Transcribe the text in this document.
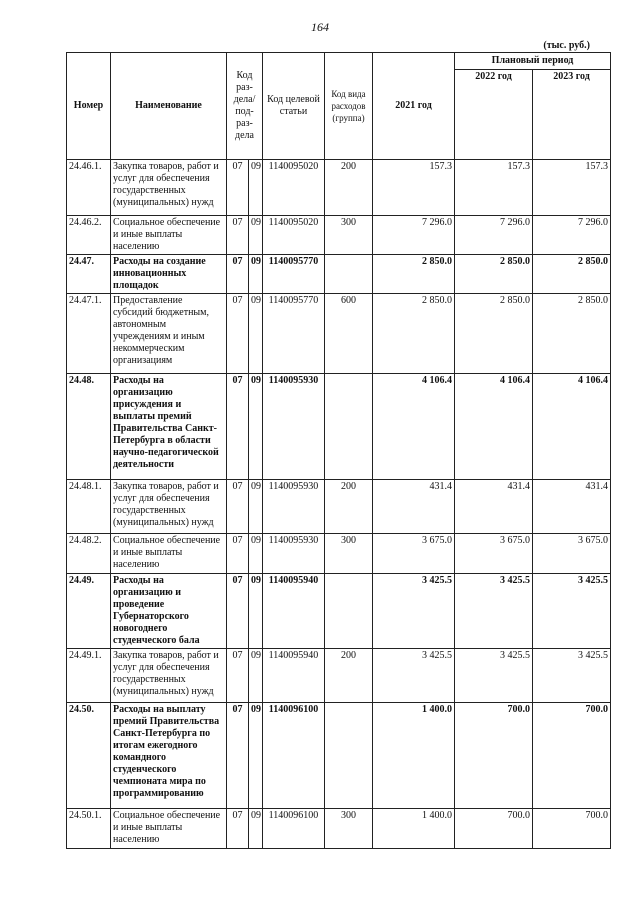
164
(тыс. руб.)
Номер	Наименование	Код раз-дела/ под-раз-дела		Код целевой статьи	Код вида расходов (группа)	2021 год	Плановый период	
							2022 год	2023 год
24.46.1.	Закупка товаров, работ и услуг для обеспечения государственных (муниципальных) нужд	07	09	1140095020	200	157.3	157.3	157.3
24.46.2.	Социальное обеспечение и иные выплаты населению	07	09	1140095020	300	7 296.0	7 296.0	7 296.0
24.47.	Расходы на создание инновационных площадок	07	09	1140095770		2 850.0	2 850.0	2 850.0
24.47.1.	Предоставление субсидий бюджетным, автономным учреждениям и иным некоммерческим организациям	07	09	1140095770	600	2 850.0	2 850.0	2 850.0
24.48.	Расходы на организацию присуждения и выплаты премий Правительства Санкт-Петербурга в области научно-педагогической деятельности	07	09	1140095930		4 106.4	4 106.4	4 106.4
24.48.1.	Закупка товаров, работ и услуг для обеспечения государственных (муниципальных) нужд	07	09	1140095930	200	431.4	431.4	431.4
24.48.2.	Социальное обеспечение и иные выплаты населению	07	09	1140095930	300	3 675.0	3 675.0	3 675.0
24.49.	Расходы на организацию и проведение Губернаторского новогоднего студенческого бала	07	09	1140095940		3 425.5	3 425.5	3 425.5
24.49.1.	Закупка товаров, работ и услуг для обеспечения государственных (муниципальных) нужд	07	09	1140095940	200	3 425.5	3 425.5	3 425.5
24.50.	Расходы на выплату премий Правительства Санкт-Петербурга по итогам ежегодного командного студенческого чемпионата мира по программированию	07	09	1140096100		1 400.0	700.0	700.0
24.50.1.	Социальное обеспечение и иные выплаты населению	07	09	1140096100	300	1 400.0	700.0	700.0
